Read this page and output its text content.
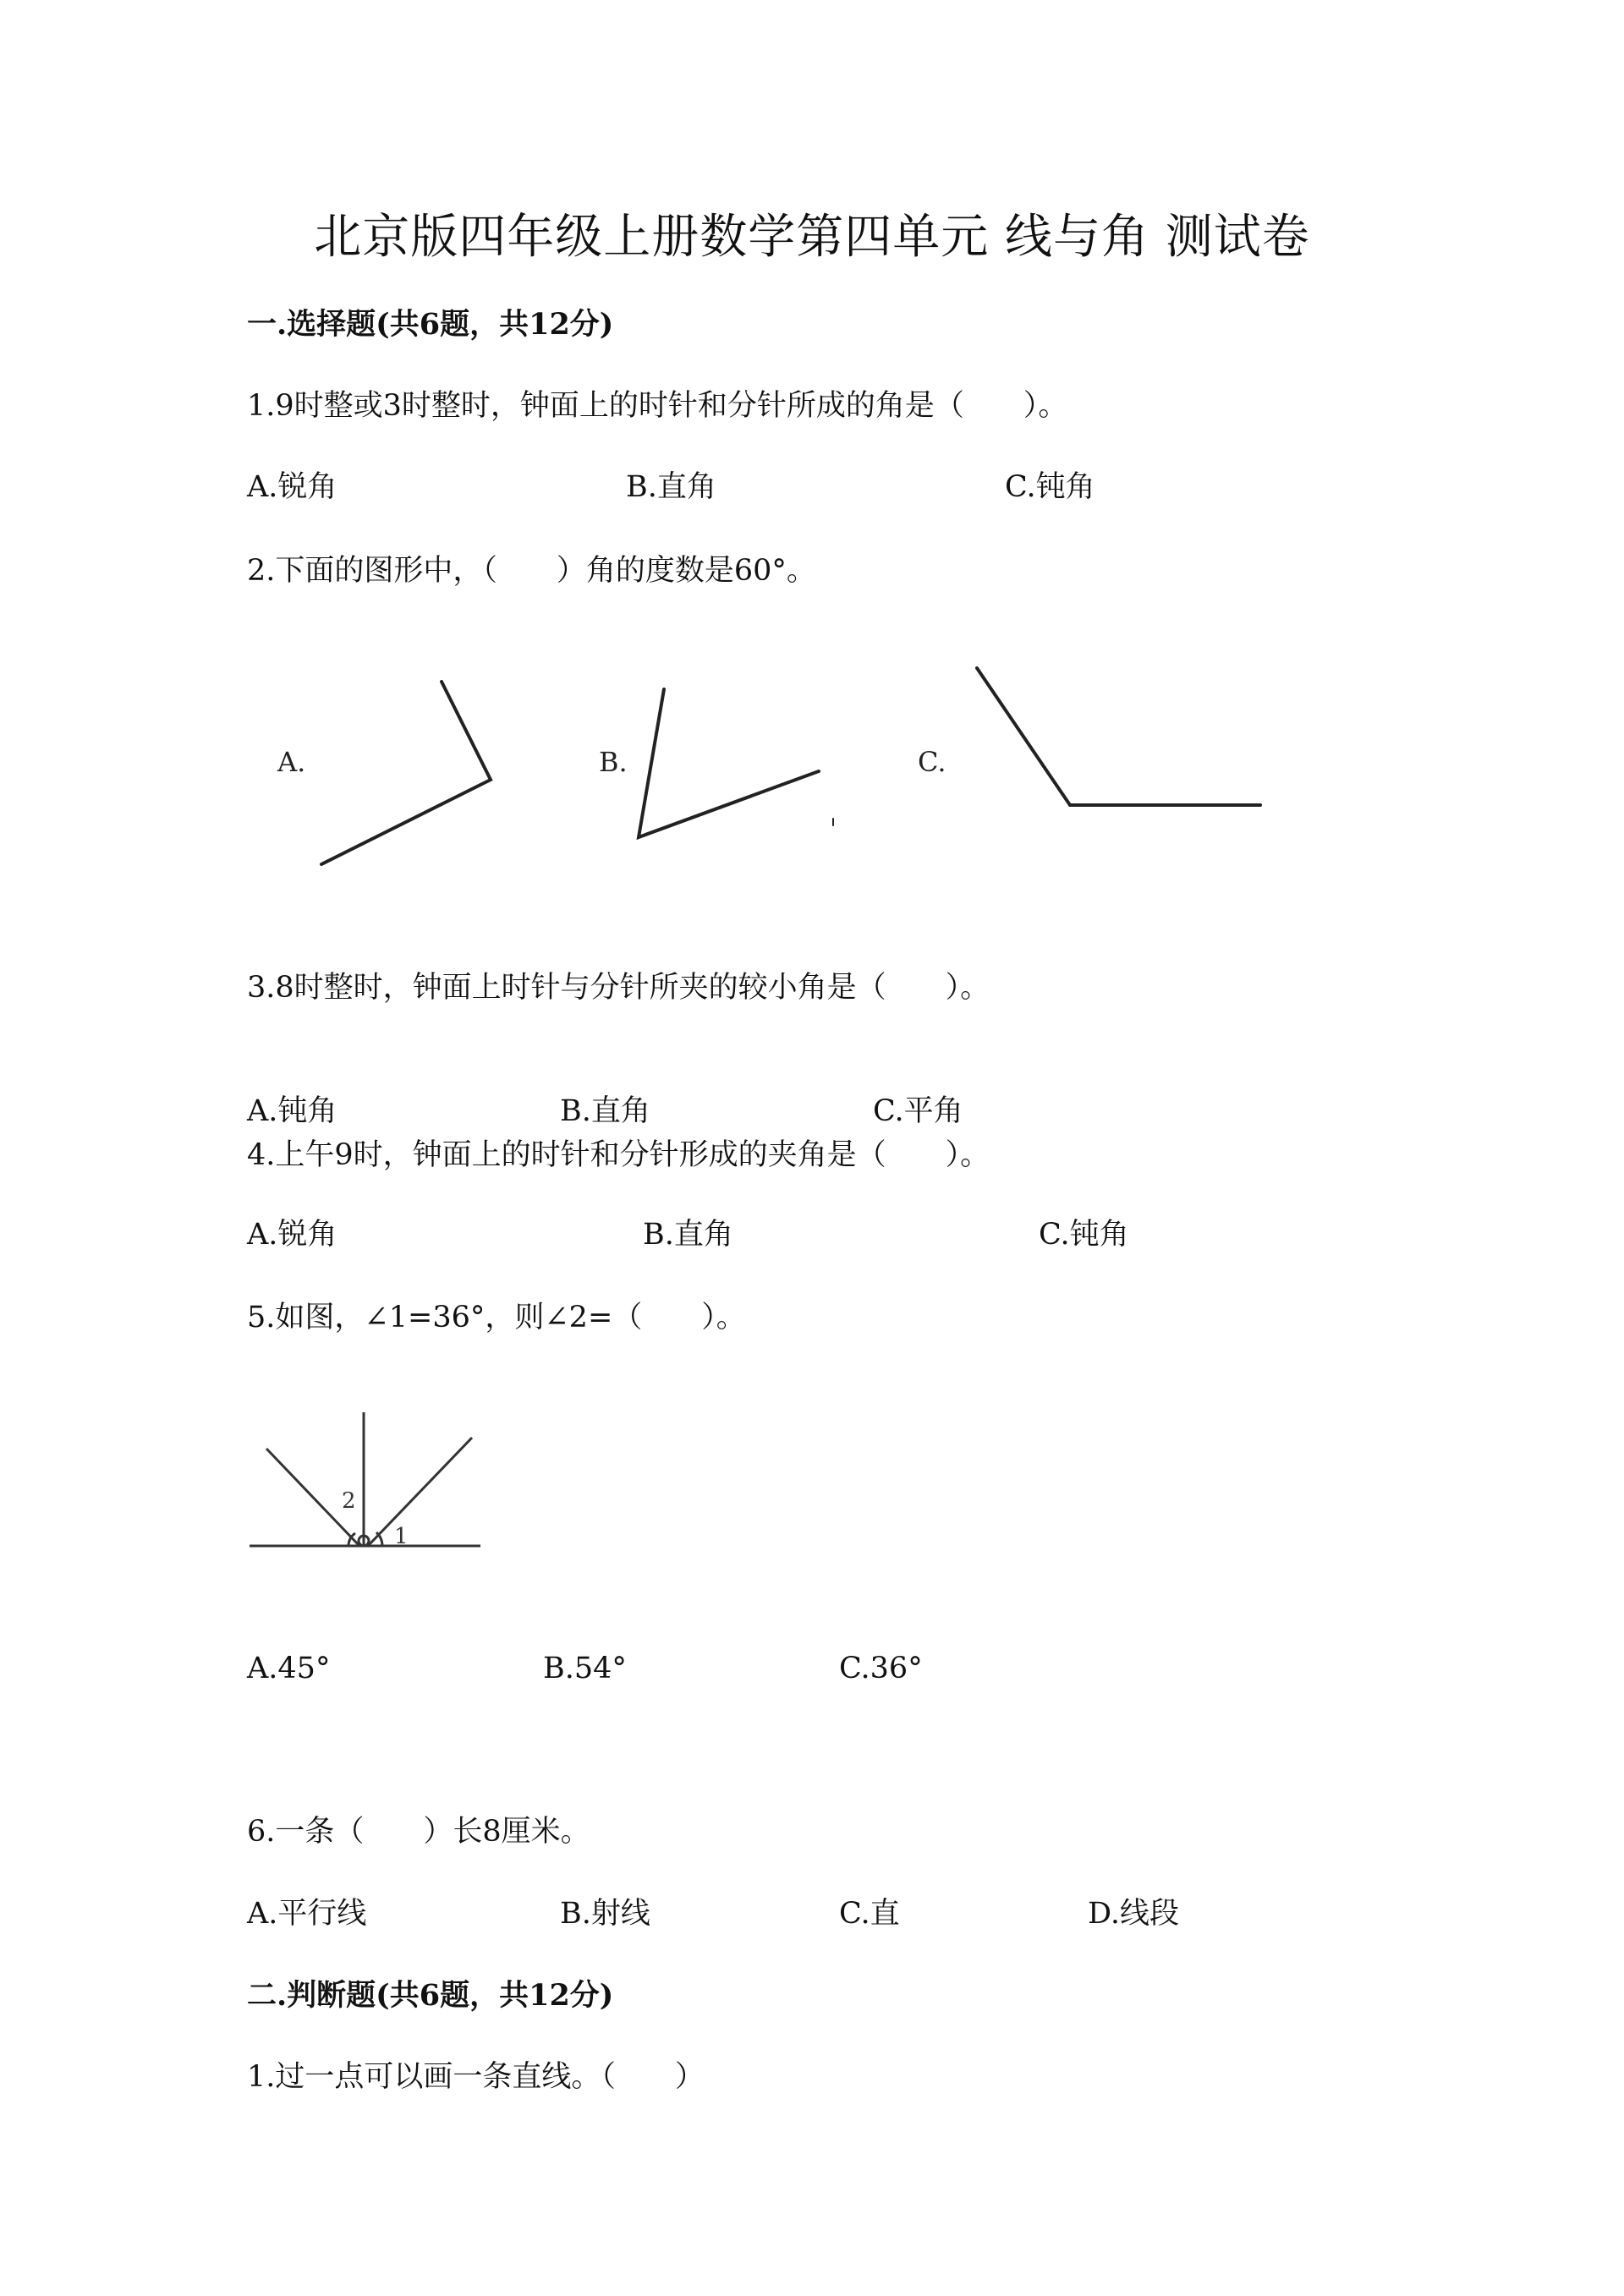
北京版四年级上册数学第四单元 线与角 测试卷
一.选择题(共6题，共12分)
1.9时整或3时整时，钟面上的时针和分针所成的角是（　　）。
A.锐角	B.直角	C.钝角
2.下面的图形中，（　　）角的度数是60°。
A.	B.	C.
3.8时整时，钟面上时针与分针所夹的较小角是（　　）。
A.钝角	B.直角	C.平角
4.上午9时，钟面上的时针和分针形成的夹角是（　　）。
A.锐角	B.直角	C.钝角
5.如图，∠1=36°，则∠2=（　　）。
2
1
A.45°	B.54°	C.36°
6.一条（　　）长8厘米。
A.平行线	B.射线	C.直	D.线段
二.判断题(共6题，共12分)
1.过一点可以画一条直线。（　　）
